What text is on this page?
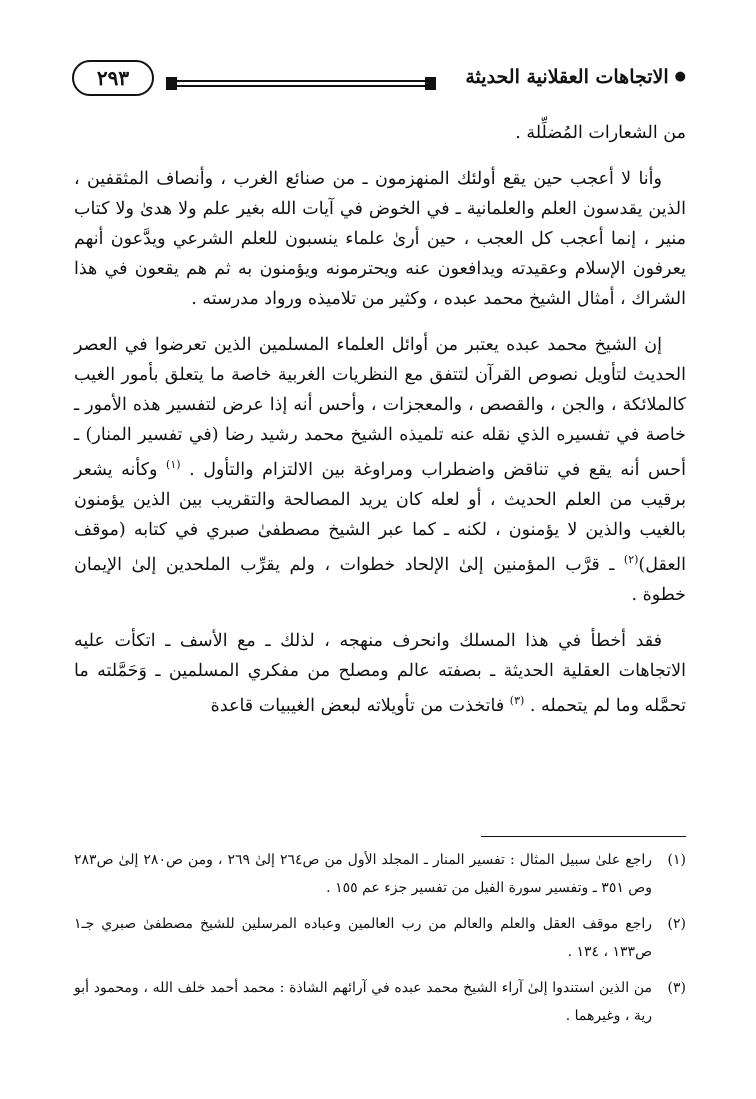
●الاتجاهات العقلانية الحديثة
٢٩٣

من الشعارات المُضلِّلة .

وأنا لا أعجب حين يقع أولئك المنهزمون ـ من صنائع الغرب ، وأنصاف المثقفين ، الذين يقدسون العلم والعلمانية ـ في الخوض في آيات الله بغير علم ولا هدىٰ ولا كتاب منير ، إنما أعجب كل العجب ، حين أرىٰ علماء ينسبون للعلم الشرعي ويدَّعون أنهم يعرفون الإسلام وعقيدته ويدافعون عنه ويحترمونه ويؤمنون به ثم هم يقعون في هذا الشراك ، أمثال الشيخ محمد عبده ، وكثير من تلاميذه ورواد مدرسته .

إن الشيخ محمد عبده يعتبر من أوائل العلماء المسلمين الذين تعرضوا في العصر الحديث لتأويل نصوص القرآن لتتفق مع النظريات الغربية خاصة ما يتعلق بأمور الغيب كالملائكة ، والجن ، والقصص ، والمعجزات ، وأحس أنه إذا عرض لتفسير هذه الأمور ـ خاصة في تفسيره الذي نقله عنه تلميذه الشيخ محمد رشيد رضا (في تفسير المنار) ـ أحس أنه يقع في تناقض واضطراب ومراوغة بين الالتزام والتأول . $^{(١)}$ وكأنه يشعر برقيب من العلم الحديث ، أو لعله كان يريد المصالحة والتقريب بين الذين يؤمنون بالغيب والذين لا يؤمنون ، لكنه ـ كما عبر الشيخ مصطفىٰ صبري في كتابه (موقف العقل)$^{(٢)}$ ـ قرَّب المؤمنين إلىٰ الإلحاد خطوات ، ولم يقرِّب الملحدين إلىٰ الإيمان خطوة .

فقد أخطأ في هذا المسلك وانحرف منهجه ، لذلك ـ مع الأسف ـ اتكأت عليه الاتجاهات العقلية الحديثة ـ بصفته عالم ومصلح من مفكري المسلمين ـ وَحَمَّلته ما تحمَّله وما لم يتحمله . $^{(٣)}$ فاتخذت من تأويلاته لبعض الغيبيات قاعدة

(١)
راجع علىٰ سبيل المثال : تفسير المنار ـ المجلد الأول من ص٢٦٤ إلىٰ ٢٦٩ ، ومن ص٢٨٠ إلىٰ ص٢٨٣ وص ٣٥١ ـ وتفسير سورة الفيل من تفسير جزء عم ١٥٥ .
(٢)
راجع موقف العقل والعلم والعالم من رب العالمين وعباده المرسلين للشيخ مصطفىٰ صبري جـ١ ص١٣٣ ، ١٣٤ .
(٣)
من الذين استندوا إلىٰ آراء الشيخ محمد عبده في آرائهم الشاذة : محمد أحمد خلف الله ، ومحمود أبو رية ، وغيرهما .
